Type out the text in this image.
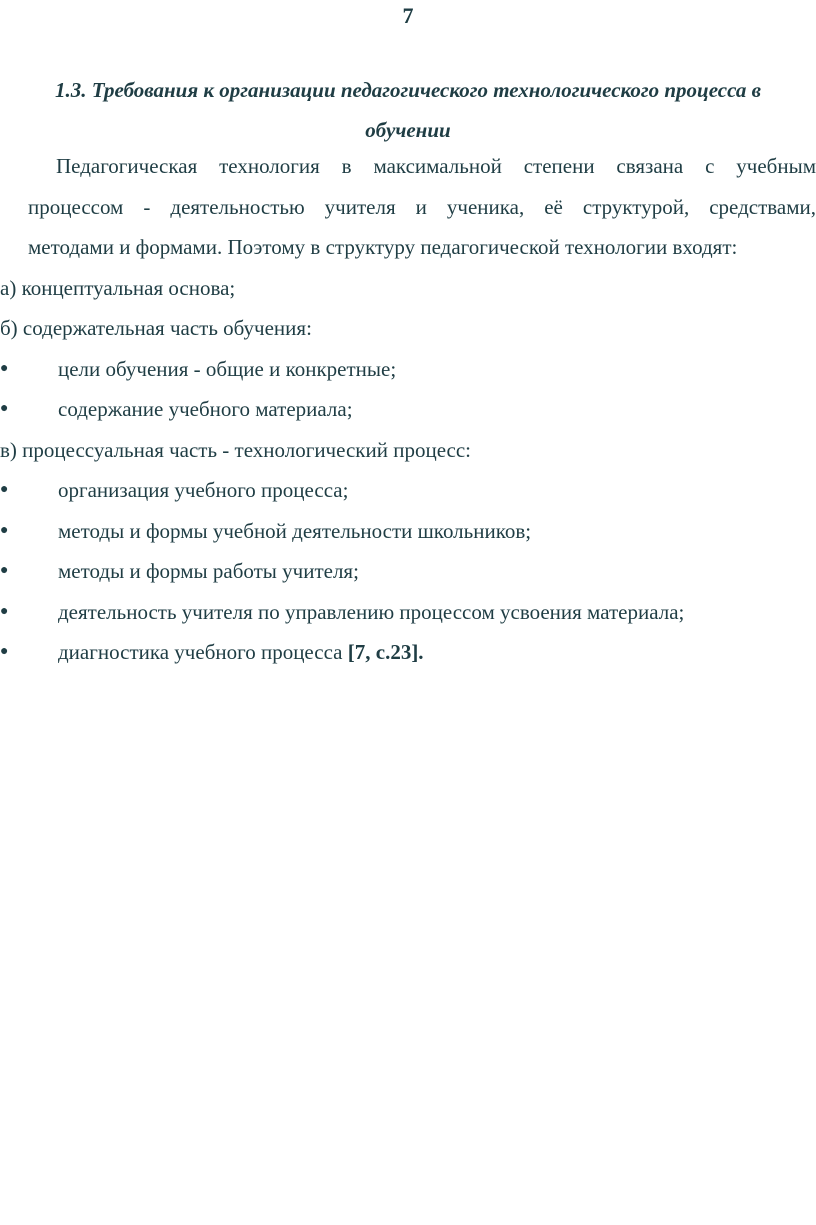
7
1.3. Требования к организации педагогического технологического процесса в
обучении
Педагогическая технология в максимальной степени связана с учебным
процессом - деятельностью учителя и ученика, её структурой, средствами,
методами и формами. Поэтому в структуру педагогической технологии входят:
а) концептуальная основа;
б) содержательная часть обучения:
●	цели обучения - общие и конкретные;
●	содержание учебного материала;
в) процессуальная часть - технологический процесс:
●	организация учебного процесса;
●	методы и формы учебной деятельности школьников;
●	методы и формы работы учителя;
●	деятельность учителя по управлению процессом усвоения материала;
●	диагностика учебного процесса [7, с.23].
